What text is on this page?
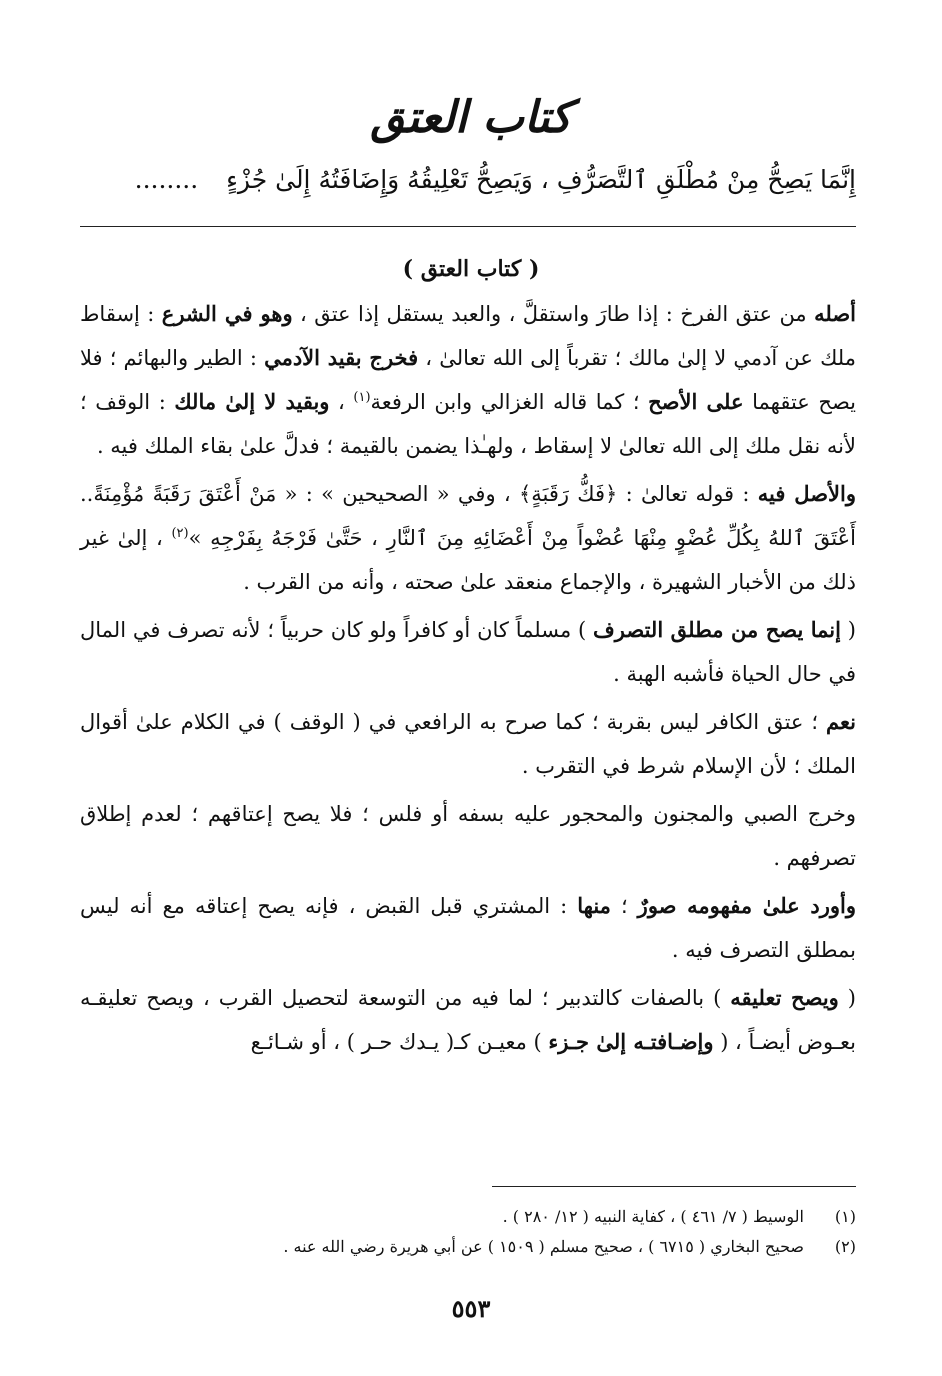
كتاب العتق
إِنَّمَا يَصِحُّ مِنْ مُطْلَقِ ٱلتَّصَرُّفِ ، وَيَصِحُّ تَعْلِيقُهُ وَإِضَافَتُهُ إِلَىٰ جُزْءٍ ........
( كتاب العتق )

أصله من عتق الفرخ : إذا طارَ واستقلَّ ، والعبد يستقل إذا عتق ، وهو في الشرع : إسقاط ملك عن آدمي لا إلىٰ مالك ؛ تقرباً إلى الله تعالىٰ ، فخرج بقيد الآدمي : الطير والبهائم ؛ فلا يصح عتقهما على الأصح ؛ كما قاله الغزالي وابن الرفعة$^{(١)}$ ، وبقيد لا إلىٰ مالك : الوقف ؛ لأنه نقل ملك إلى الله تعالىٰ لا إسقاط ، ولهـٰذا يضمن بالقيمة ؛ فدلَّ علىٰ بقاء الملك فيه .

والأصل فيه : قوله تعالىٰ : ﴿فَكُّ رَقَبَةٍ﴾ ، وفي « الصحيحين » : « مَنْ أَعْتَقَ رَقَبَةً مُؤْمِنَةً.. أَعْتَقَ ٱللهُ بِكُلِّ عُضْوٍ مِنْهَا عُضْواً مِنْ أَعْضَائِهِ مِنَ ٱلنَّارِ ، حَتَّىٰ فَرْجَهُ بِفَرْجِهِ »$^{(٢)}$ ، إلىٰ غير ذلك من الأخبار الشهيرة ، والإجماع منعقد علىٰ صحته ، وأنه من القرب .

( إنما يصح من مطلق التصرف ) مسلماً كان أو كافراً ولو كان حربياً ؛ لأنه تصرف في المال في حال الحياة فأشبه الهبة .

نعم ؛ عتق الكافر ليس بقربة ؛ كما صرح به الرافعي في ( الوقف ) في الكلام علىٰ أقوال الملك ؛ لأن الإسلام شرط في التقرب .

وخرج الصبي والمجنون والمحجور عليه بسفه أو فلس ؛ فلا يصح إعتاقهم ؛ لعدم إطلاق تصرفهم .

وأورد علىٰ مفهومه صورٌ ؛ منها : المشتري قبل القبض ، فإنه يصح إعتاقه مع أنه ليس بمطلق التصرف فيه .

( ويصح تعليقه ) بالصفات كالتدبير ؛ لما فيه من التوسعة لتحصيل القرب ، ويصح تعليقـه بعـوض أيضـاً ، ( وإضـافتـه إلىٰ جـزء ) معيـن كـ( يـدك حـر ) ، أو شـائـع

(١)
الوسيط ( ٧/ ٤٦١ ) ، كفاية النبيه ( ١٢/ ٢٨٠ ) .
(٢)
صحيح البخاري ( ٦٧١٥ ) ، صحيح مسلم ( ١٥٠٩ ) عن أبي هريرة رضي الله عنه .
٥٥٣
